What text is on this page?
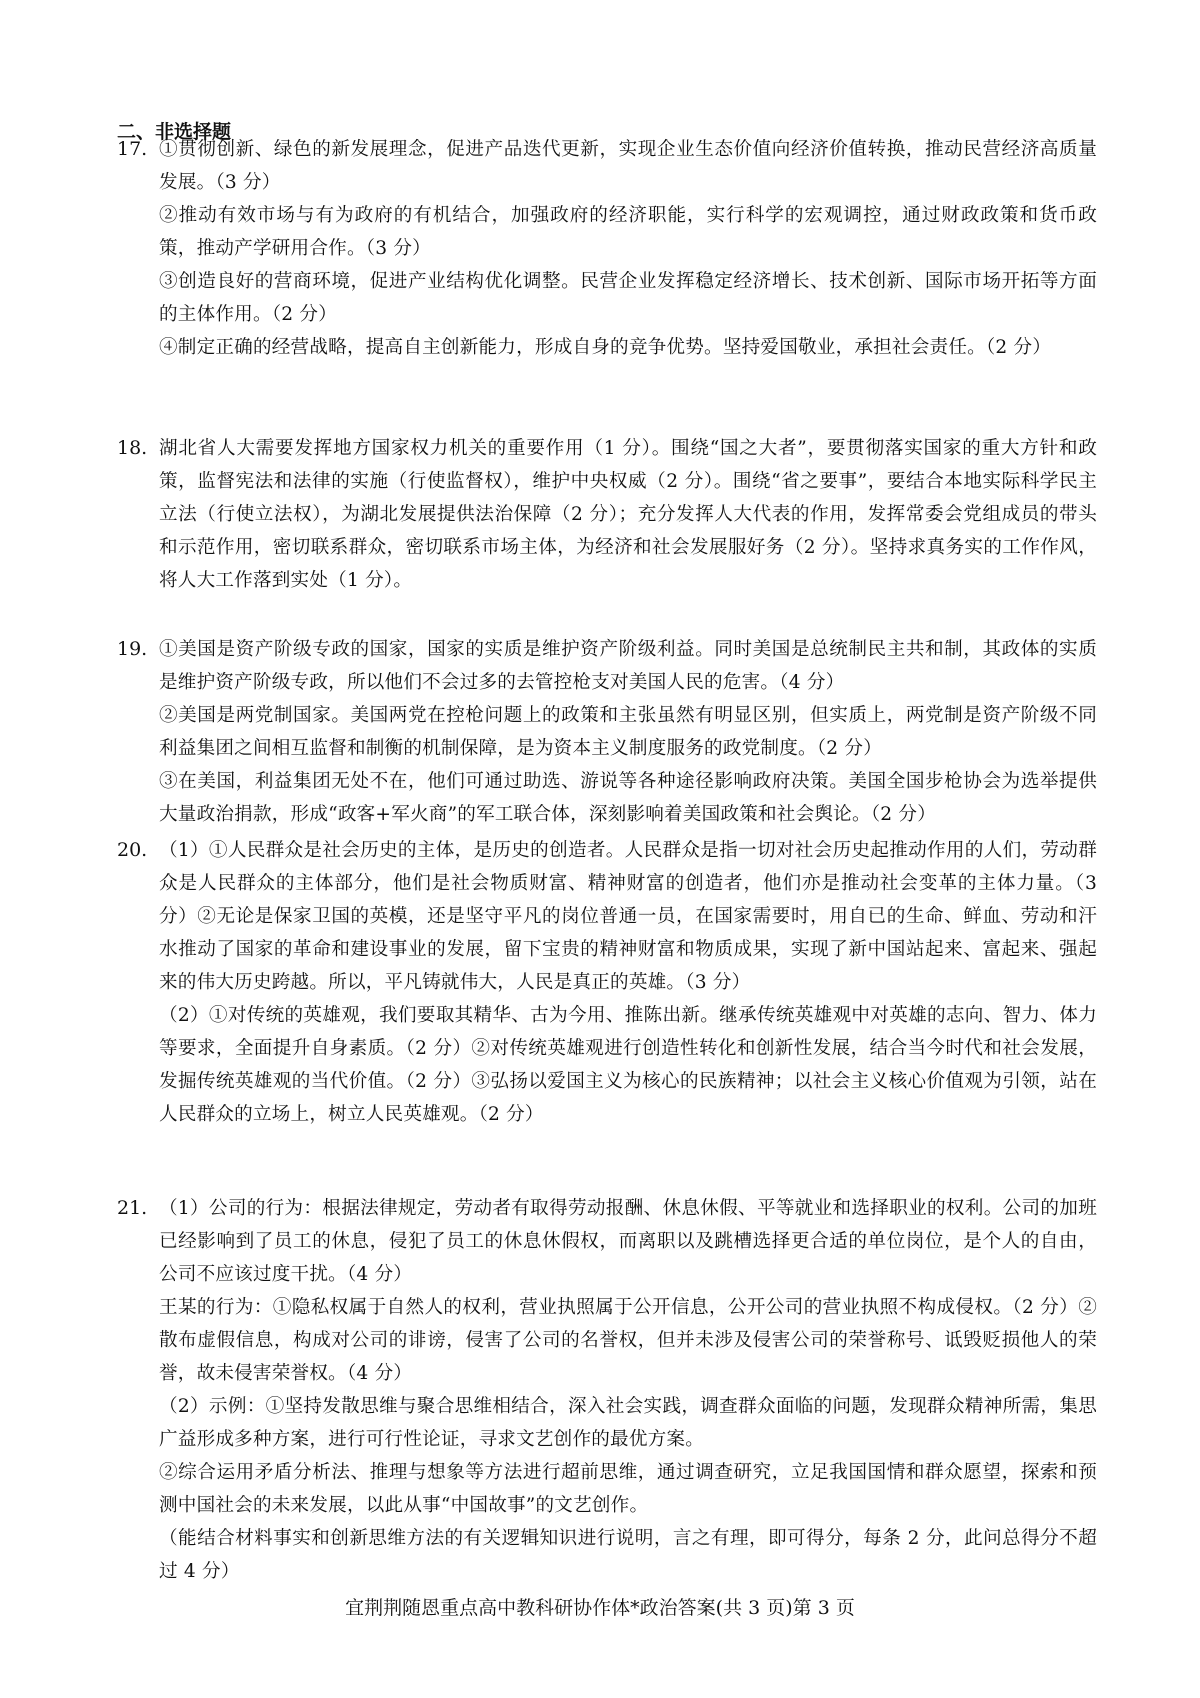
二、非选择题
17. ①贯彻创新、绿色的新发展理念，促进产品迭代更新，实现企业生态价值向经济价值转换，推动民营经济高质量发展。（3 分）

②推动有效市场与有为政府的有机结合，加强政府的经济职能，实行科学的宏观调控，通过财政政策和货币政策，推动产学研用合作。（3 分）

③创造良好的营商环境，促进产业结构优化调整。民营企业发挥稳定经济增长、技术创新、国际市场开拓等方面的主体作用。（2 分）

④制定正确的经营战略，提高自主创新能力，形成自身的竞争优势。坚持爱国敬业，承担社会责任。（2 分）

18. 湖北省人大需要发挥地方国家权力机关的重要作用（1 分）。围绕“国之大者”，要贯彻落实国家的重大方针和政策，监督宪法和法律的实施（行使监督权），维护中央权威（2 分）。围绕“省之要事”，要结合本地实际科学民主立法（行使立法权），为湖北发展提供法治保障（2 分）；充分发挥人大代表的作用，发挥常委会党组成员的带头和示范作用，密切联系群众，密切联系市场主体，为经济和社会发展服好务（2 分）。坚持求真务实的工作作风，将人大工作落到实处（1 分）。

19. ①美国是资产阶级专政的国家，国家的实质是维护资产阶级利益。同时美国是总统制民主共和制，其政体的实质是维护资产阶级专政，所以他们不会过多的去管控枪支对美国人民的危害。（4 分）

②美国是两党制国家。美国两党在控枪问题上的政策和主张虽然有明显区别，但实质上，两党制是资产阶级不同利益集团之间相互监督和制衡的机制保障，是为资本主义制度服务的政党制度。（2 分）

③在美国，利益集团无处不在，他们可通过助选、游说等各种途径影响政府决策。美国全国步枪协会为选举提供大量政治捐款，形成“政客+军火商”的军工联合体，深刻影响着美国政策和社会舆论。（2 分）

20. （1）①人民群众是社会历史的主体，是历史的创造者。人民群众是指一切对社会历史起推动作用的人们，劳动群众是人民群众的主体部分，他们是社会物质财富、精神财富的创造者，他们亦是推动社会变革的主体力量。（3 分）②无论是保家卫国的英模，还是坚守平凡的岗位普通一员，在国家需要时，用自已的生命、鲜血、劳动和汗水推动了国家的革命和建设事业的发展，留下宝贵的精神财富和物质成果，实现了新中国站起来、富起来、强起来的伟大历史跨越。所以，平凡铸就伟大，人民是真正的英雄。（3 分）

（2）①对传统的英雄观，我们要取其精华、古为今用、推陈出新。继承传统英雄观中对英雄的志向、智力、体力等要求，全面提升自身素质。（2 分）②对传统英雄观进行创造性转化和创新性发展，结合当今时代和社会发展，发掘传统英雄观的当代价值。（2 分）③弘扬以爱国主义为核心的民族精神；以社会主义核心价值观为引领，站在人民群众的立场上，树立人民英雄观。（2 分）

21. （1）公司的行为：根据法律规定，劳动者有取得劳动报酬、休息休假、平等就业和选择职业的权利。公司的加班已经影响到了员工的休息，侵犯了员工的休息休假权，而离职以及跳槽选择更合适的单位岗位，是个人的自由，公司不应该过度干扰。（4 分）

王某的行为：①隐私权属于自然人的权利，营业执照属于公开信息，公开公司的营业执照不构成侵权。（2 分）②散布虚假信息，构成对公司的诽谤，侵害了公司的名誉权，但并未涉及侵害公司的荣誉称号、诋毁贬损他人的荣誉，故未侵害荣誉权。（4 分）

（2）示例：①坚持发散思维与聚合思维相结合，深入社会实践，调查群众面临的问题，发现群众精神所需，集思广益形成多种方案，进行可行性论证，寻求文艺创作的最优方案。

②综合运用矛盾分析法、推理与想象等方法进行超前思维，通过调查研究，立足我国国情和群众愿望，探索和预测中国社会的未来发展，以此从事“中国故事”的文艺创作。

（能结合材料事实和创新思维方法的有关逻辑知识进行说明，言之有理，即可得分，每条 2 分，此问总得分不超过 4 分）

宜荆荆随恩重点高中教科研协作体*政治答案(共 3 页)第 3 页
